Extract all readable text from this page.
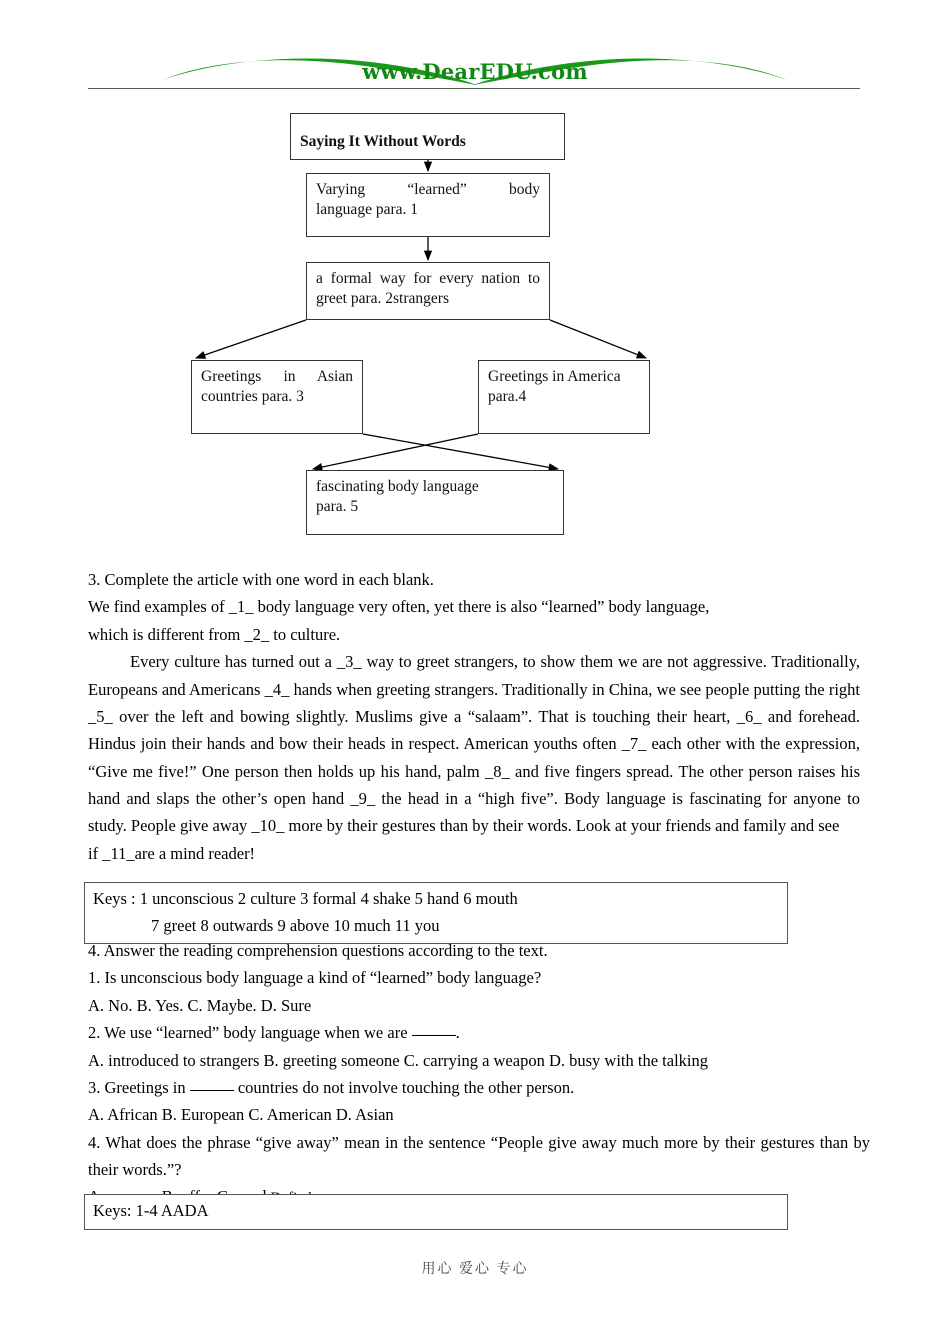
www.DearEDU.com
Saying It Without Words
Varying “learned” body
language para. 1
a formal way for every nation to
greet para. 2strangers
Greetings in Asian
countries para. 3
Greetings in America
para.4
fascinating body language
para. 5

3. Complete the article with one word in each blank.

We find examples of _1_ body language very often, yet there is also “learned” body language,

which is different from _2_ to culture.

Every culture has turned out a _3_ way to greet strangers, to show them we are not aggressive. Traditionally, Europeans and Americans _4_ hands when greeting strangers. Traditionally in China, we see people putting the right _5_ over the left and bowing slightly. Muslims give a “salaam”. That is touching their heart, _6_ and forehead. Hindus join their hands and bow their heads in respect. American youths often _7_ each other with the expression, “Give me five!” One person then holds up his hand, palm _8_ and five fingers spread. The other person raises his hand and slaps the other’s open hand _9_ the head in a “high five”. Body language is fascinating for anyone to study. People give away _10_ more by their gestures than by their words. Look at your friends and family and see

if _11_are a mind reader!

Keys : 1 unconscious 2 culture 3 formal 4 shake 5 hand 6 mouth
7 greet 8 outwards 9 above 10 much 11 you

4. Answer the reading comprehension questions according to the text.

1. Is unconscious body language a kind of “learned” body language?

A. No. B. Yes. C. Maybe. D. Sure

2. We use “learned” body language when we are	.

A. introduced to strangers B. greeting someone C. carrying a weapon D. busy with the talking

3. Greetings in	countries do not involve touching the other person.

A. African B. European C. American D. Asian

4. What does the phrase “give away” mean in the sentence “People give away much more by their gestures than by their words.”?

Keys: 1-4 AADA
用心 爱心 专心
